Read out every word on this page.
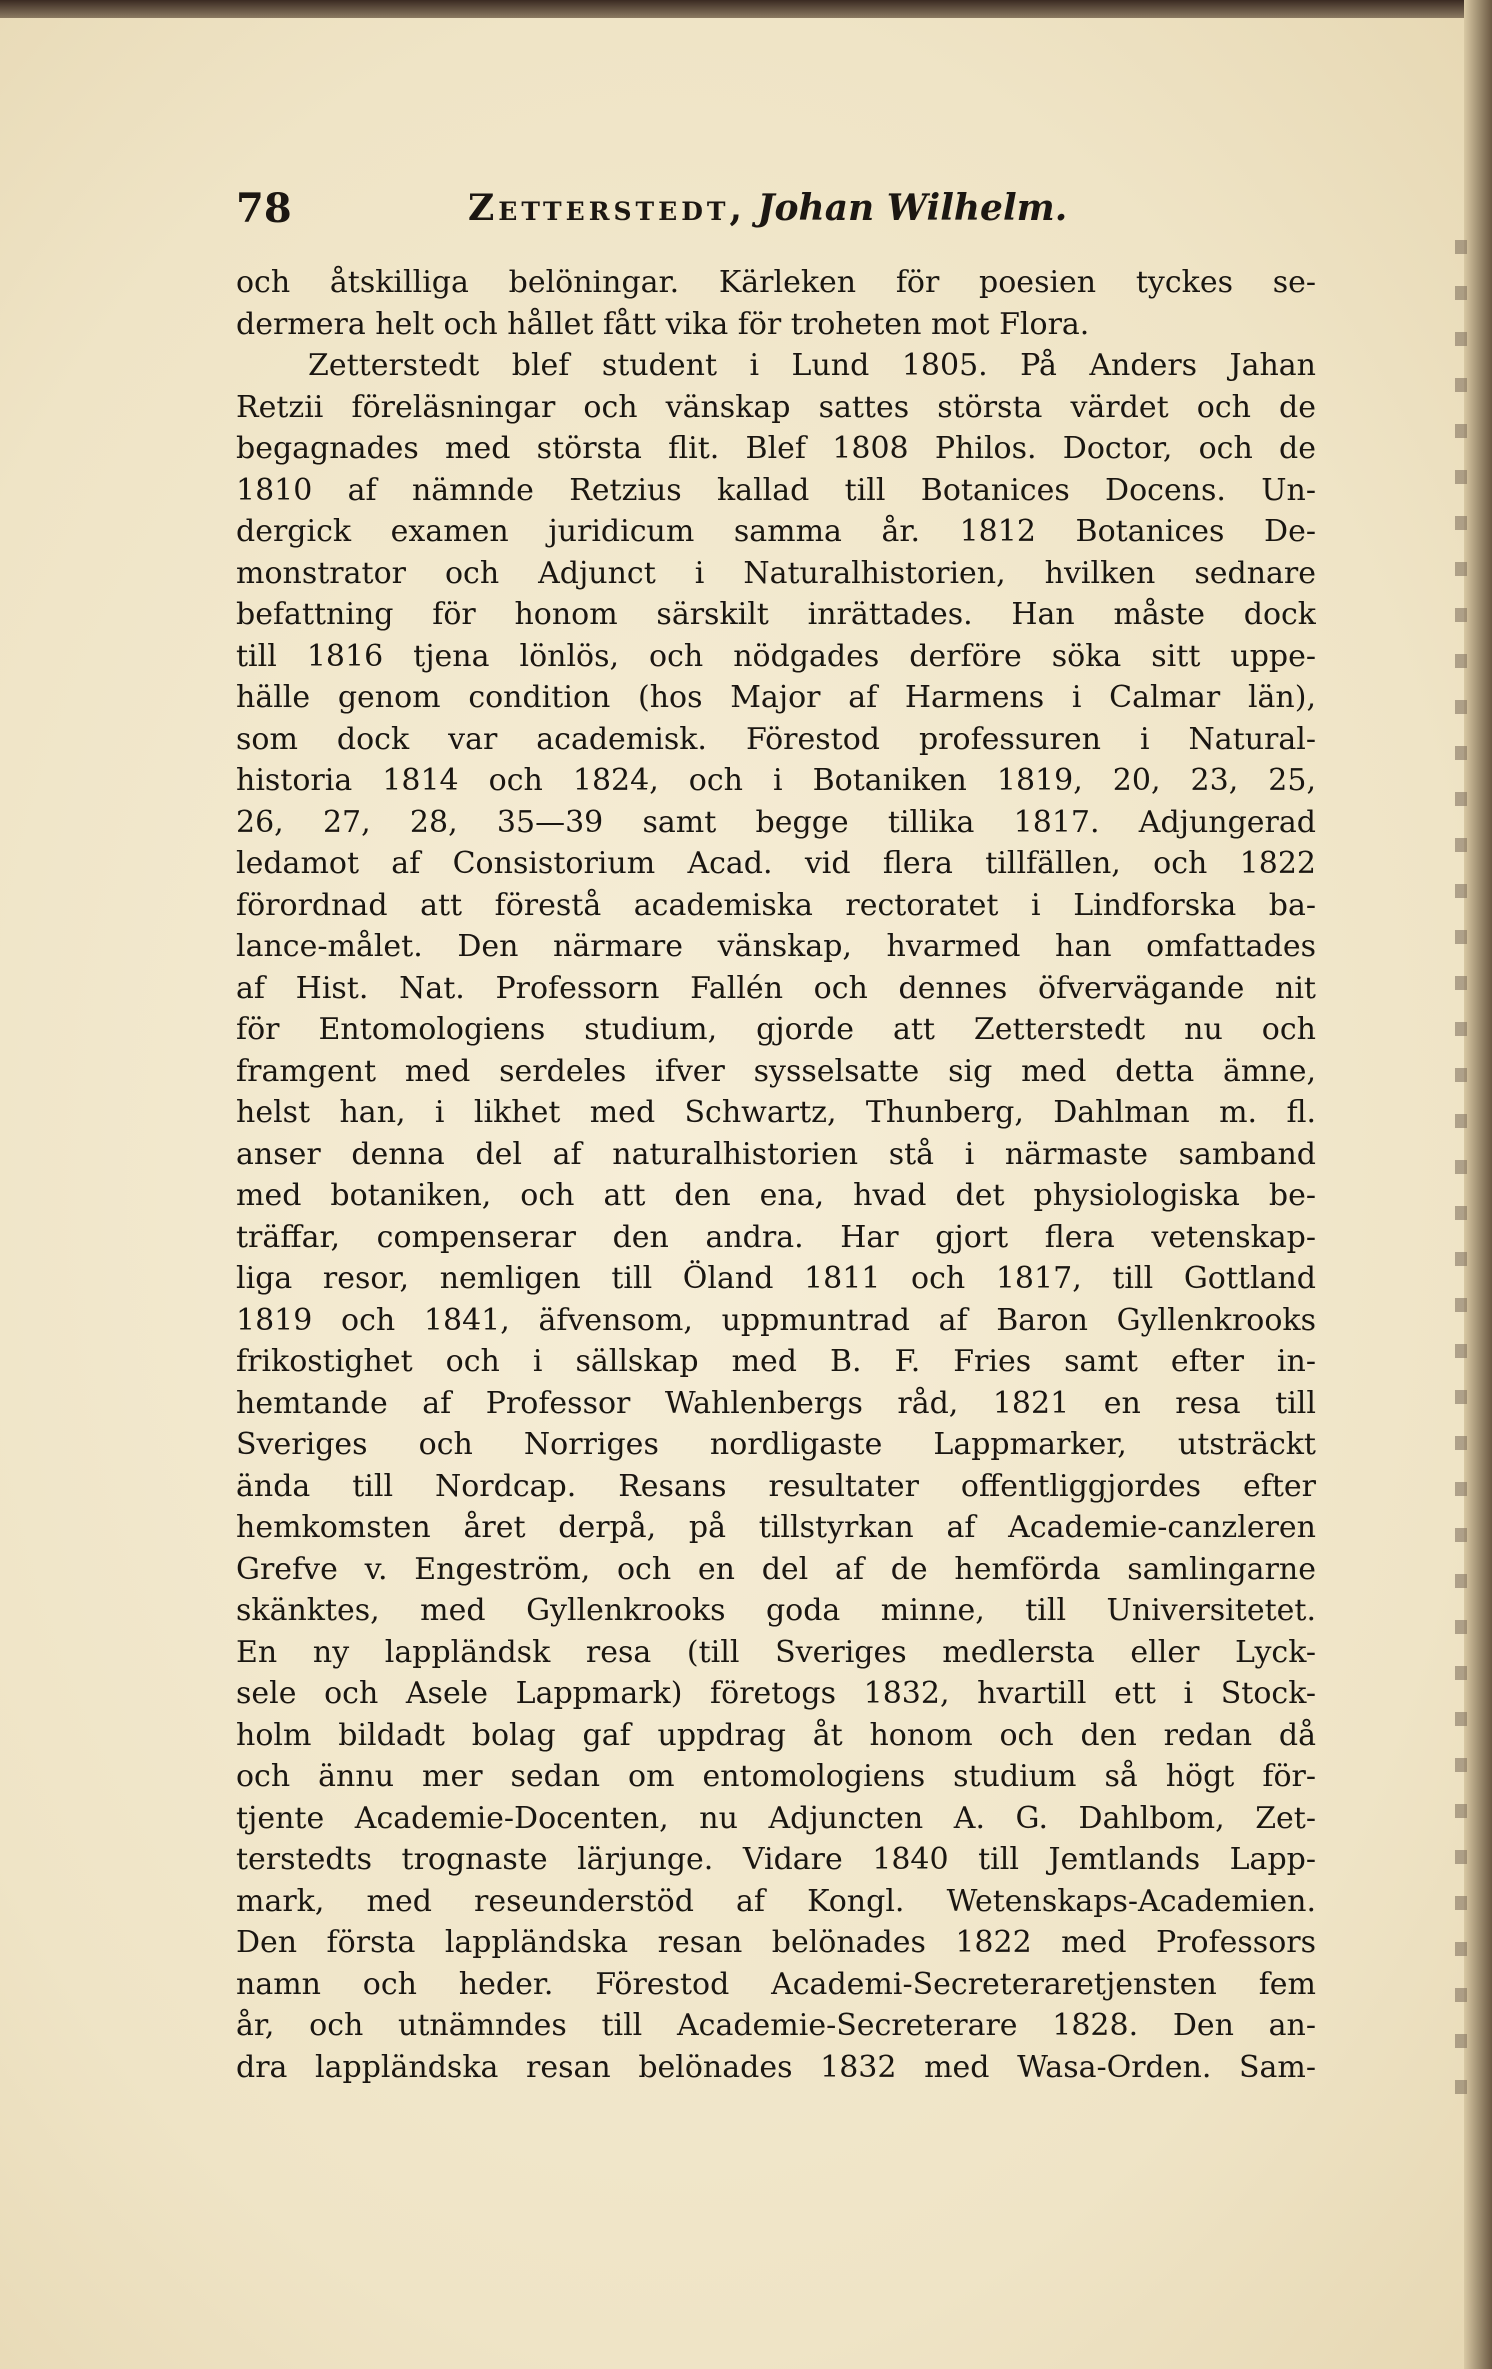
78	Zetterstedt, Johan Wilhelm.
och åtskilliga belöningar. Kärleken för poesien tyckes se-
dermera helt och hållet fått vika för troheten mot Flora.
Zetterstedt blef student i Lund 1805. På Anders Jahan
Retzii föreläsningar och vänskap sattes största värdet och de
begagnades med största flit. Blef 1808 Philos. Doctor, och de
1810 af nämnde Retzius kallad till Botanices Docens. Un-
dergick examen juridicum samma år. 1812 Botanices De-
monstrator och Adjunct i Naturalhistorien, hvilken sednare
befattning för honom särskilt inrättades. Han måste dock
till 1816 tjena lönlös, och nödgades derföre söka sitt uppe-
hälle genom condition (hos Major af Harmens i Calmar län),
som dock var academisk. Förestod professuren i Natural-
historia 1814 och 1824, och i Botaniken 1819, 20, 23, 25,
26, 27, 28, 35—39 samt begge tillika 1817. Adjungerad
ledamot af Consistorium Acad. vid flera tillfällen, och 1822
förordnad att förestå academiska rectoratet i Lindforska ba-
lance-målet. Den närmare vänskap, hvarmed han omfattades
af Hist. Nat. Professorn Fallén och dennes öfvervägande nit
för Entomologiens studium, gjorde att Zetterstedt nu och
framgent med serdeles ifver sysselsatte sig med detta ämne,
helst han, i likhet med Schwartz, Thunberg, Dahlman m. fl.
anser denna del af naturalhistorien stå i närmaste samband
med botaniken, och att den ena, hvad det physiologiska be-
träffar, compenserar den andra. Har gjort flera vetenskap-
liga resor, nemligen till Öland 1811 och 1817, till Gottland
1819 och 1841, äfvensom, uppmuntrad af Baron Gyllenkrooks
frikostighet och i sällskap med B. F. Fries samt efter in-
hemtande af Professor Wahlenbergs råd, 1821 en resa till
Sveriges och Norriges nordligaste Lappmarker, utsträckt
ända till Nordcap. Resans resultater offentliggjordes efter
hemkomsten året derpå, på tillstyrkan af Academie-canzleren
Grefve v. Engeström, och en del af de hemförda samlingarne
skänktes, med Gyllenkrooks goda minne, till Universitetet.
En ny lappländsk resa (till Sveriges medlersta eller Lyck-
sele och Asele Lappmark) företogs 1832, hvartill ett i Stock-
holm bildadt bolag gaf uppdrag åt honom och den redan då
och ännu mer sedan om entomologiens studium så högt för-
tjente Academie-Docenten, nu Adjuncten A. G. Dahlbom, Zet-
terstedts trognaste lärjunge. Vidare 1840 till Jemtlands Lapp-
mark, med reseunderstöd af Kongl. Wetenskaps-Academien.
Den första lappländska resan belönades 1822 med Professors
namn och heder. Förestod Academi-Secreteraretjensten fem
år, och utnämndes till Academie-Secreterare 1828. Den an-
dra lappländska resan belönades 1832 med Wasa-Orden. Sam-
